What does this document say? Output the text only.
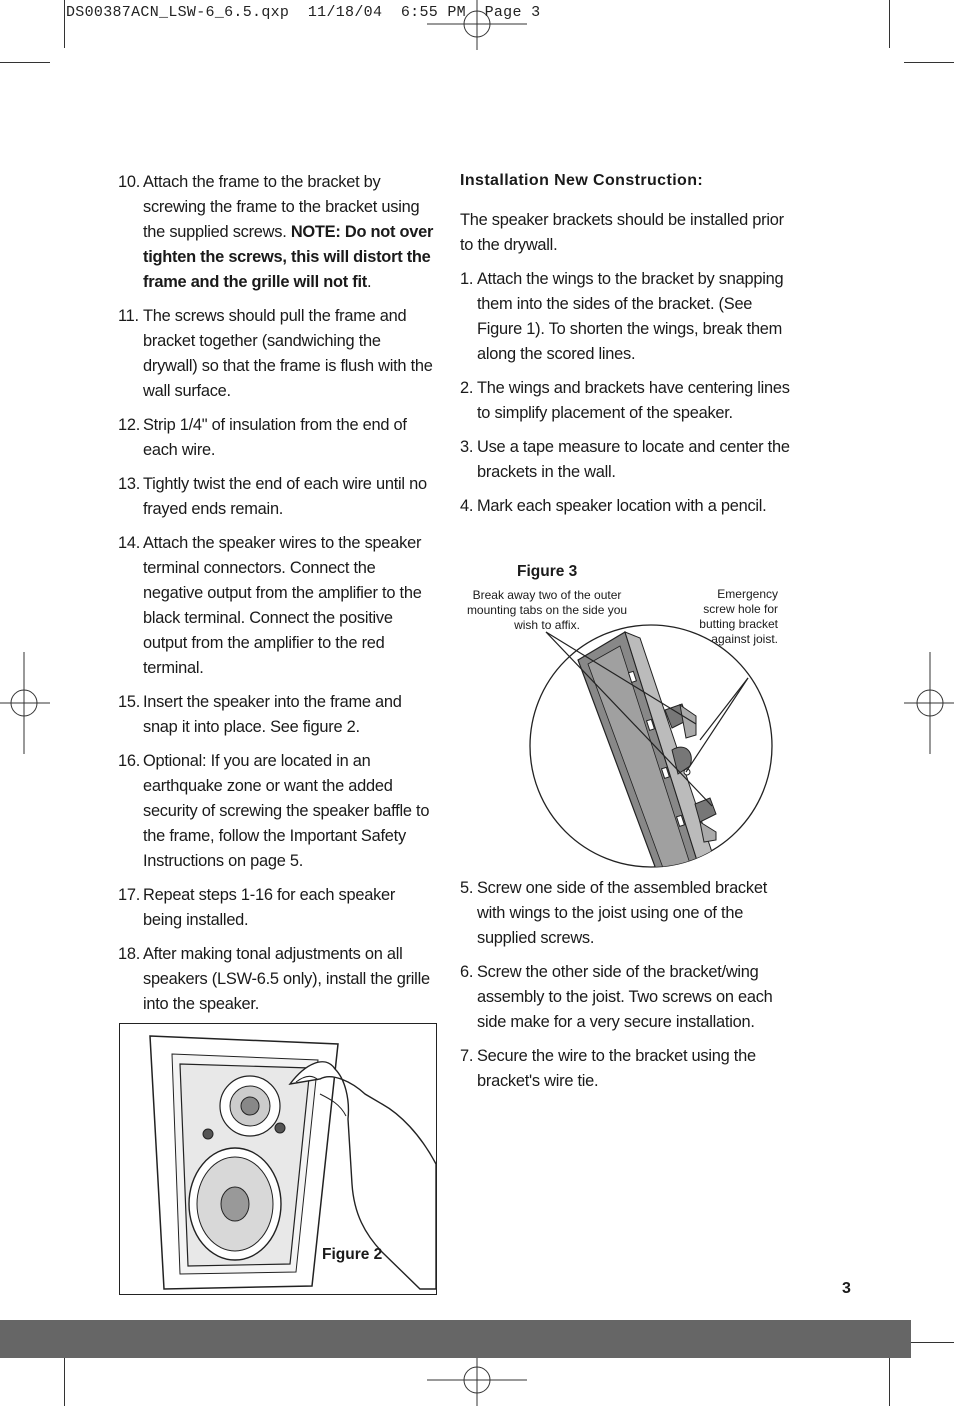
DS00387ACN_LSW-6_6.5.qxp  11/18/04  6:55 PM  Page 3
10. Attach the frame to the bracket by screwing the frame to the bracket using the supplied screws. NOTE: Do not over tighten the screws, this will distort the frame and the grille will not fit.
11. The screws should pull the frame and bracket together (sandwiching the drywall) so that the frame is flush with the wall surface.
12. Strip 1/4" of insulation from the end of each wire.
13. Tightly twist the end of each wire until no frayed ends remain.
14. Attach the speaker wires to the speaker terminal connectors. Connect the negative output from the amplifier to the black terminal. Connect the positive output from the amplifier to the red terminal.
15. Insert the speaker into the frame and snap it into place. See figure 2.
16. Optional: If you are located in an earthquake zone or want the added security of screwing the speaker baffle to the frame, follow the Important Safety Instructions on page 5.
17. Repeat steps 1-16 for each speaker being installed.
18. After making tonal adjustments on all speakers (LSW-6.5 only), install the grille into the speaker.
Figure 2
Installation New Construction:
The speaker brackets should be installed prior to the drywall.
1. Attach the wings to the bracket by snapping them into the sides of the bracket. (See Figure 1). To shorten the wings, break them along the scored lines.
2. The wings and brackets have centering lines to simplify placement of the speaker.
3. Use a tape measure to locate and center the brackets in the wall.
4. Mark each speaker location with a pencil.
Figure 3
Break away two of the outer mounting tabs on the side you wish to affix.
Emergency screw hole for butting bracket against joist.
5. Screw one side of the assembled bracket with wings to the joist using one of the supplied screws.
6. Screw the other side of the bracket/wing assembly to the joist. Two screws on each side make for a very secure installation.
7. Secure the wire to the bracket using the bracket's wire tie.
3
